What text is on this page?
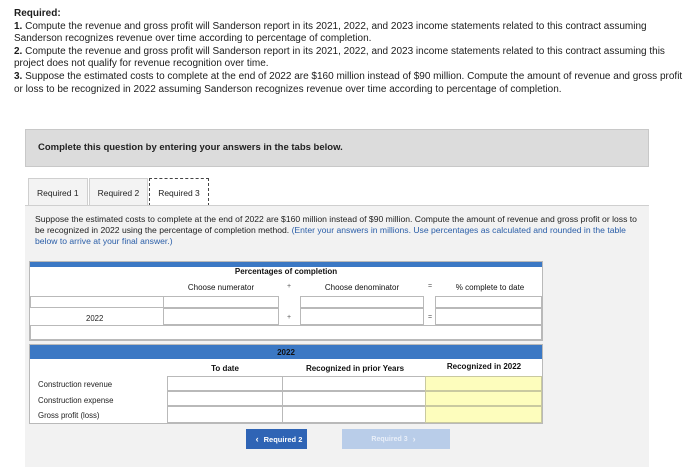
Required:

1. Compute the revenue and gross profit will Sanderson report in its 2021, 2022, and 2023 income statements related to this contract assuming Sanderson recognizes revenue over time according to percentage of completion.

2. Compute the revenue and gross profit will Sanderson report in its 2021, 2022, and 2023 income statements related to this contract assuming this project does not qualify for revenue recognition over time.

3. Suppose the estimated costs to complete at the end of 2022 are $160 million instead of $90 million. Compute the amount of revenue and gross profit or loss to be recognized in 2022 assuming Sanderson recognizes revenue over time according to percentage of completion.

Complete this question by entering your answers in the tabs below.
Required 1	Required 2	Required 3
Suppose the estimated costs to complete at the end of 2022 are $160 million instead of $90 million. Compute the amount of revenue and gross profit or loss to be recognized in 2022 using the percentage of completion method. (Enter your answers in millions. Use percentages as calculated and rounded in the table below to arrive at your final answer.)
Percentages of completion
Choose numerator	+	Choose denominator	=	% complete to date
2022	+	=
2022
To date	Recognized in prior Years	Recognized in 2022
Construction revenue
Construction expense
Gross profit (loss)
‹ Required 2	Required 3 ›
